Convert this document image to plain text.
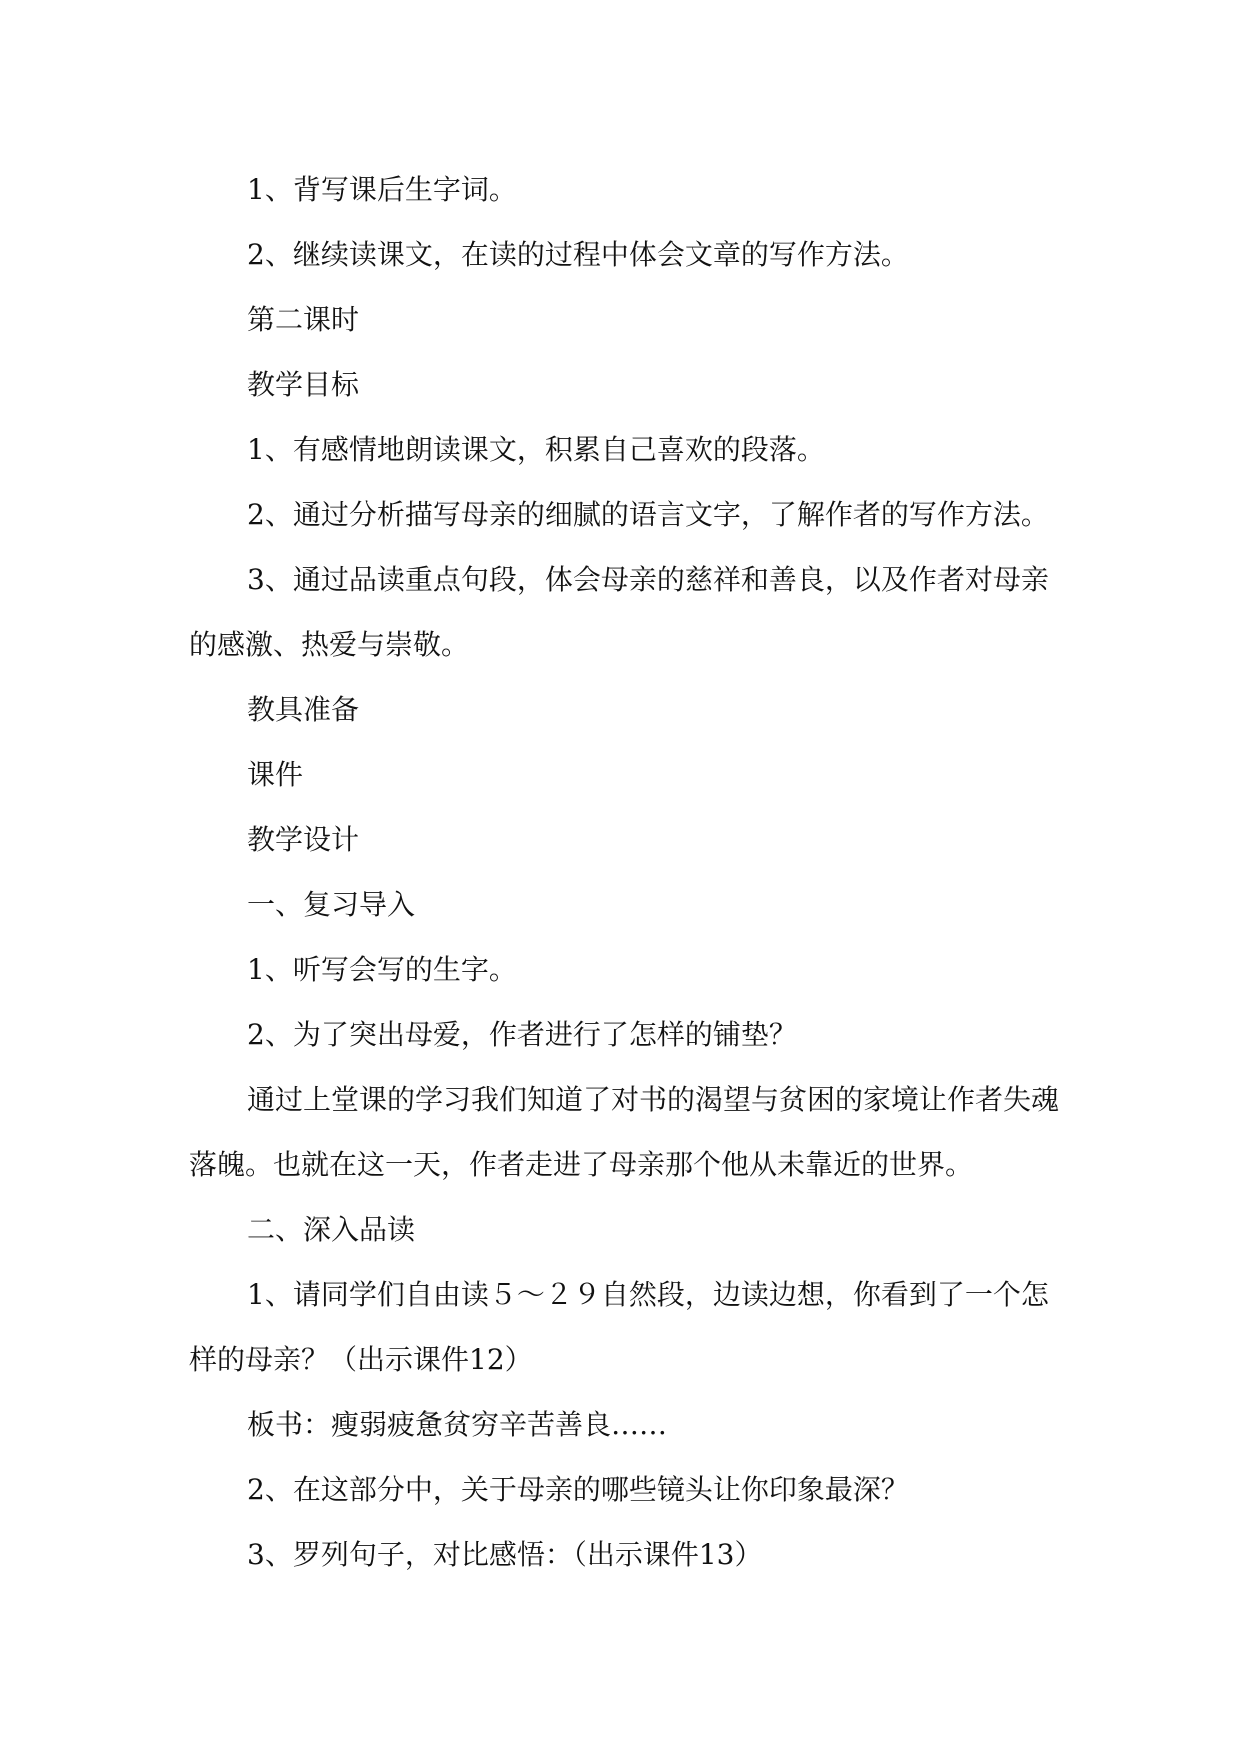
1、背写课后生字词。

2、继续读课文，在读的过程中体会文章的写作方法。

第二课时

教学目标

1、有感情地朗读课文，积累自己喜欢的段落。

2、通过分析描写母亲的细腻的语言文字，了解作者的写作方法。

3、通过品读重点句段，体会母亲的慈祥和善良，以及作者对母亲的感激、热爱与崇敬。

教具准备

课件

教学设计

一、复习导入

1、听写会写的生字。

2、为了突出母爱，作者进行了怎样的铺垫？

通过上堂课的学习我们知道了对书的渴望与贫困的家境让作者失魂落魄。也就在这一天，作者走进了母亲那个他从未靠近的世界。

二、深入品读

1、请同学们自由读５～２９自然段，边读边想，你看到了一个怎样的母亲？（出示课件12）

板书：瘦弱疲惫贫穷辛苦善良……

2、在这部分中，关于母亲的哪些镜头让你印象最深？

3、罗列句子，对比感悟：（出示课件13）
